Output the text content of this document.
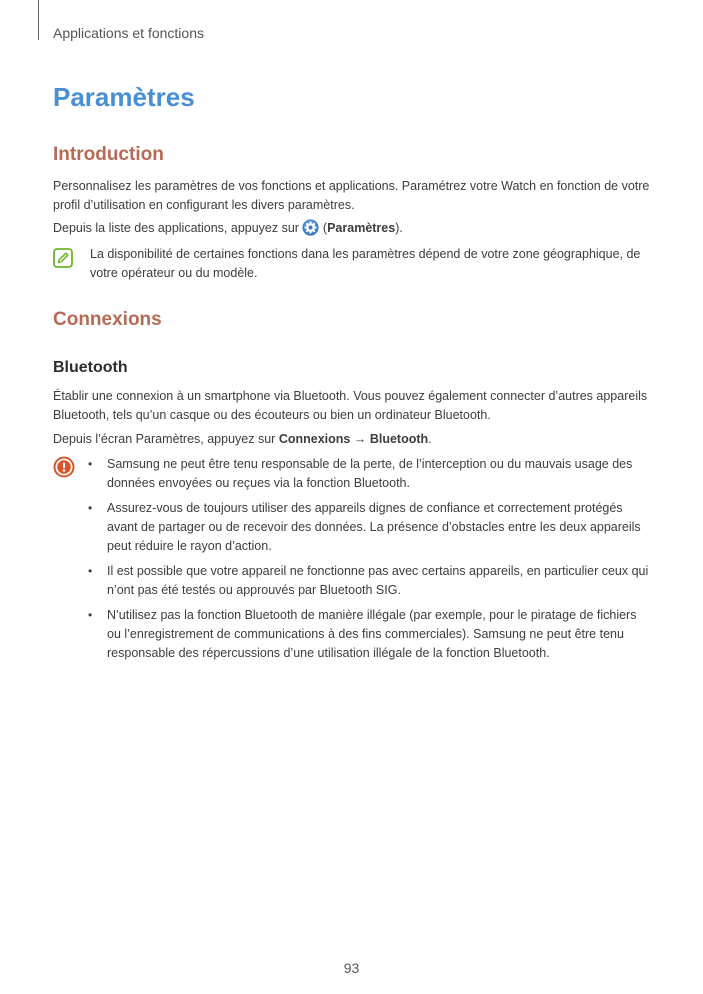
Applications et fonctions
Paramètres
Introduction

Personnalisez les paramètres de vos fonctions et applications. Paramétrez votre Watch en fonction de votre profil d’utilisation en configurant les divers paramètres.

Depuis la liste des applications, appuyez sur  (Paramètres).

La disponibilité de certaines fonctions dana les paramètres dépend de votre zone géographique, de votre opérateur ou du modèle.

Connexions
Bluetooth

Établir une connexion à un smartphone via Bluetooth. Vous pouvez également connecter d’autres appareils Bluetooth, tels qu’un casque ou des écouteurs ou bien un ordinateur Bluetooth.

Depuis l’écran Paramètres, appuyez sur Connexions → Bluetooth.

• Samsung ne peut être tenu responsable de la perte, de l’interception ou du mauvais usage des données envoyées ou reçues via la fonction Bluetooth.
• Assurez-vous de toujours utiliser des appareils dignes de confiance et correctement protégés avant de partager ou de recevoir des données. La présence d’obstacles entre les deux appareils peut réduire le rayon d’action.
• Il est possible que votre appareil ne fonctionne pas avec certains appareils, en particulier ceux qui n’ont pas été testés ou approuvés par Bluetooth SIG.
• N’utilisez pas la fonction Bluetooth de manière illégale (par exemple, pour le piratage de fichiers ou l’enregistrement de communications à des fins commerciales). Samsung ne peut être tenu responsable des répercussions d’une utilisation illégale de la fonction Bluetooth.
93
